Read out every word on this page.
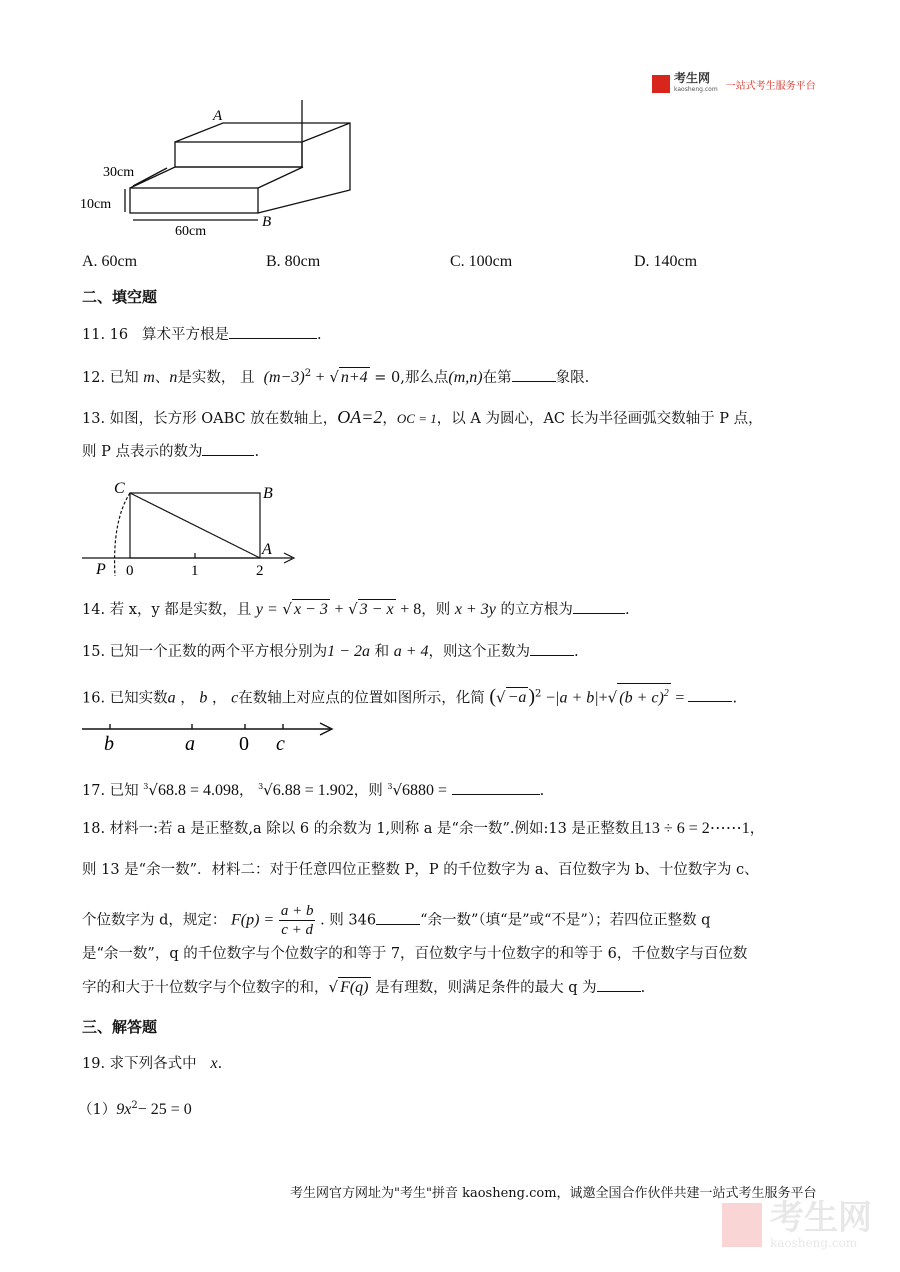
考生网
kaosheng.com 一站式考生服务平台
A
B
30cm
10cm
60cm
A. 60cm	B. 80cm	C. 100cm	D. 140cm
二、填空题
11. 16 算术平方根是	.
12. 已知 m、n是实数， 且 $(m-3)^2$ + √ n+4 = 0,那么点(m,n)在第	象限.
13. 如图，长方形 OABC 放在数轴上，OA=2，OC = 1，以 A 为圆心，AC 长为半径画弧交数轴于 P 点，
则 P 点表示的数为	.
C	B
A
P 0	1	2
14. 若 x，y 都是实数，且 y = √ x − 3 + √ 3 − x + 8，则 x + 3y 的立方根为	.
15. 已知一个正数的两个平方根分别为1 − 2a 和 a + 4，则这个正数为	.
16. 已知实数a ， b ， c在数轴上对应点的位置如图所示，化简 (√ −a )$^2$ −|a + b|+√ $(b + c)^2$ =	.
b	a 0 c
17. 已知 $^3$√68.8 = 4.098， $^3$√6.88 = 1.902，则 $^3$√6880 =	.
18. 材料一:若 a 是正整数,a 除以 6 的余数为 1,则称 a 是“余一数”.例如:13 是正整数且13 ÷ 6 = 2⋯⋯1，
则 13 是“余一数”．材料二：对于任意四位正整数 P，P 的千位数字为 a、百位数字为 b、十位数字为 c、
个位数字为 d，规定： $F(p) = \frac{a + b}{c + d}$ . 则 346	“余一数”（填“是”或“不是”）；若四位正整数 q
是“余一数”，q 的千位数字与个位数字的和等于 7，百位数字与十位数字的和等于 6，千位数字与百位数
字的和大于十位数字与个位数字的和，√ F(q) 是有理数，则满足条件的最大 q 为	.
三、解答题
19. 求下列各式中 x.
$(1)9x^2- 25 = 0$
考生网官方网址为"考生"拼音 kaosheng.com，诚邀全国合作伙伴共建一站式考生服务平台
考生网
kaosheng.com
